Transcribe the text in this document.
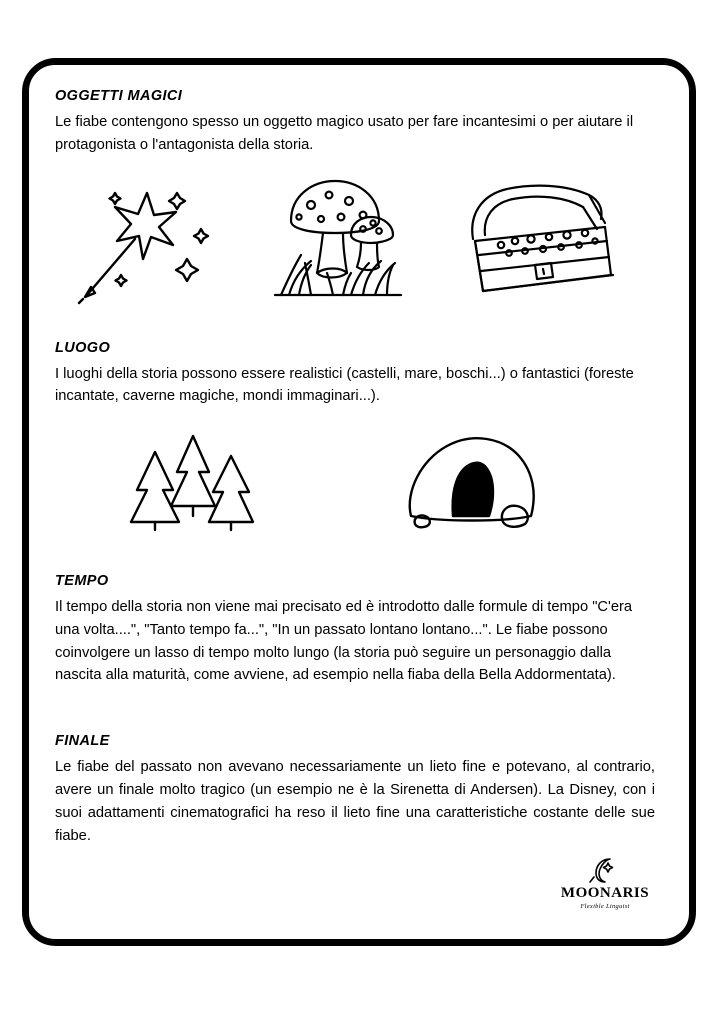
OGGETTI MAGICI

Le fiabe contengono spesso un oggetto magico usato per fare incantesimi o per aiutare il protagonista o l'antagonista della storia.

LUOGO

I luoghi della storia possono essere realistici (castelli, mare, boschi...) o fantastici (foreste incantate, caverne magiche, mondi immaginari...).

TEMPO

Il tempo della storia non viene mai precisato ed è introdotto dalle formule di tempo "C'era una volta....", "Tanto tempo fa...", "In un passato lontano lontano...". Le fiabe possono coinvolgere un lasso di tempo molto lungo (la storia può seguire un personaggio dalla nascita alla maturità, come avviene, ad esempio nella fiaba della Bella Addormentata).

FINALE

Le fiabe del passato non avevano necessariamente un lieto fine e potevano, al contrario, avere un finale molto tragico (un esempio ne è la Sirenetta di Andersen). La Disney, con i suoi adattamenti cinematografici ha reso il lieto fine una caratteristiche costante delle sue fiabe.

MOONARIS
Flexible Linguist
